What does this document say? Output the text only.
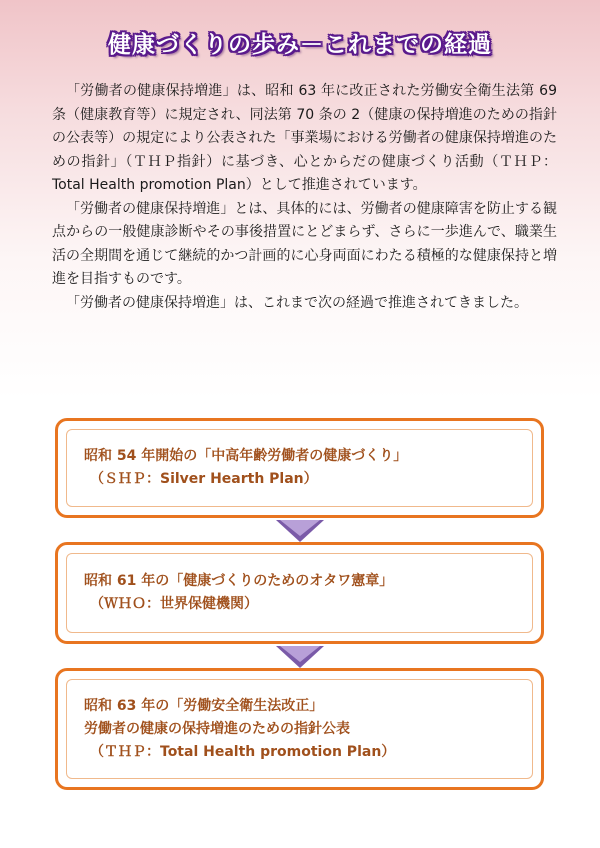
健康づくりの歩み－これまでの経過

「労働者の健康保持増進」は、昭和 63 年に改正された労働安全衛生法第 69 条（健康教育等）に規定され、同法第 70 条の 2（健康の保持増進のための指針の公表等）の規定により公表された「事業場における労働者の健康保持増進のための指針」（ＴＨＰ指針）に基づき、心とからだの健康づくり活動（ＴＨＰ：Total Health promotion Plan）として推進されています。

「労働者の健康保持増進」とは、具体的には、労働者の健康障害を防止する観点からの一般健康診断やその事後措置にとどまらず、さらに一歩進んで、職業生活の全期間を通じて継続的かつ計画的に心身両面にわたる積極的な健康保持と増進を目指すものです。

「労働者の健康保持増進」は、これまで次の経過で推進されてきました。

昭和 54 年開始の「中高年齢労働者の健康づくり」
（ＳＨＰ：Silver Hearth Plan）
昭和 61 年の「健康づくりのためのオタワ憲章」
（ＷＨＯ：世界保健機関）
昭和 63 年の「労働安全衛生法改正」
労働者の健康の保持増進のための指針公表
（ＴＨＰ：Total Health promotion Plan）
